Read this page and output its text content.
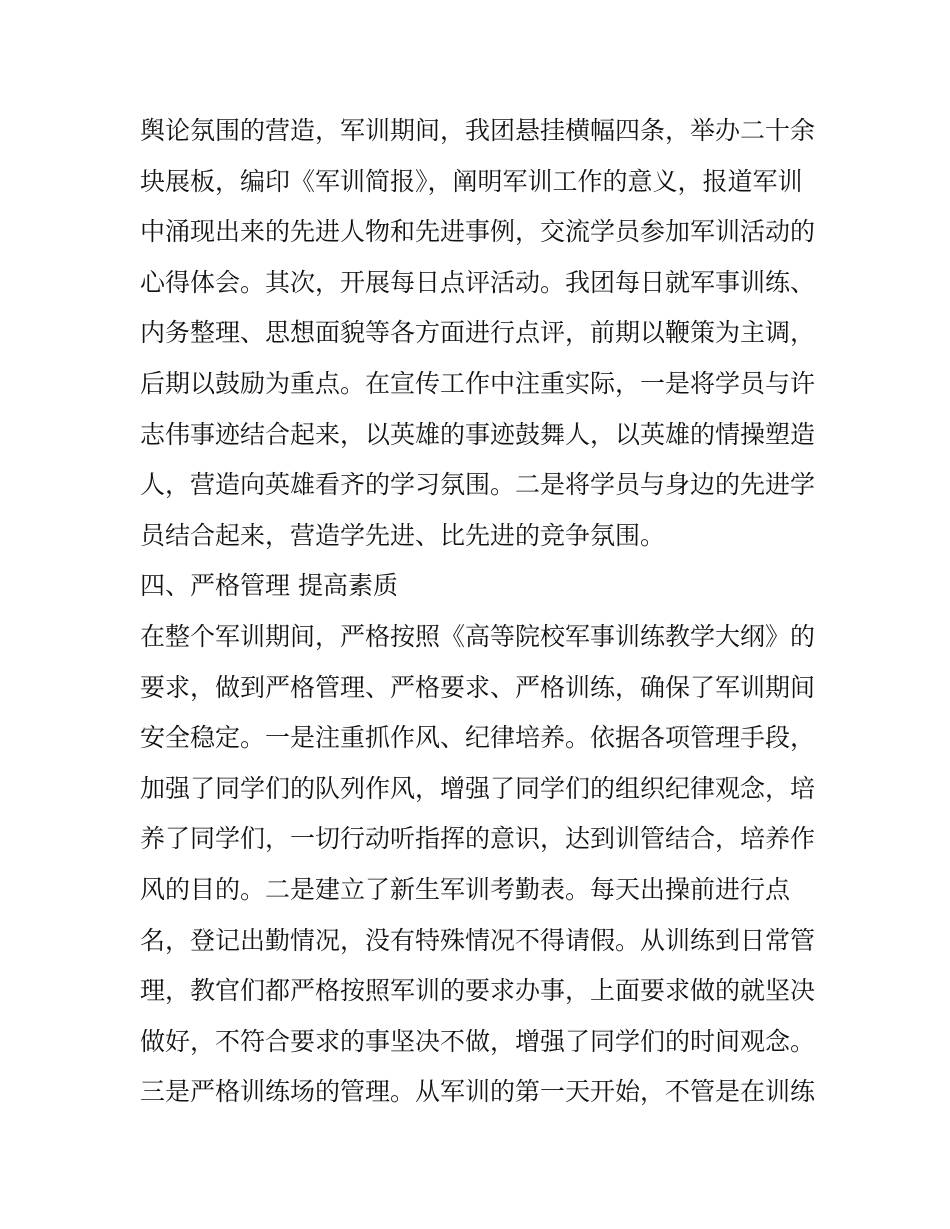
舆论氛围的营造，军训期间，我团悬挂横幅四条，举办二十余
块展板，编印《军训简报》，阐明军训工作的意义，报道军训
中涌现出来的先进人物和先进事例，交流学员参加军训活动的
心得体会。其次，开展每日点评活动。我团每日就军事训练、
内务整理、思想面貌等各方面进行点评，前期以鞭策为主调，
后期以鼓励为重点。在宣传工作中注重实际，一是将学员与许
志伟事迹结合起来，以英雄的事迹鼓舞人，以英雄的情操塑造
人，营造向英雄看齐的学习氛围。二是将学员与身边的先进学
员结合起来，营造学先进、比先进的竞争氛围。
四、严格管理 提高素质
在整个军训期间，严格按照《高等院校军事训练教学大纲》的
要求，做到严格管理、严格要求、严格训练，确保了军训期间
安全稳定。一是注重抓作风、纪律培养。依据各项管理手段，
加强了同学们的队列作风，增强了同学们的组织纪律观念，培
养了同学们，一切行动听指挥的意识，达到训管结合，培养作
风的目的。二是建立了新生军训考勤表。每天出操前进行点
名，登记出勤情况，没有特殊情况不得请假。从训练到日常管
理，教官们都严格按照军训的要求办事，上面要求做的就坚决
做好，不符合要求的事坚决不做，增强了同学们的时间观念。
三是严格训练场的管理。从军训的第一天开始，不管是在训练
